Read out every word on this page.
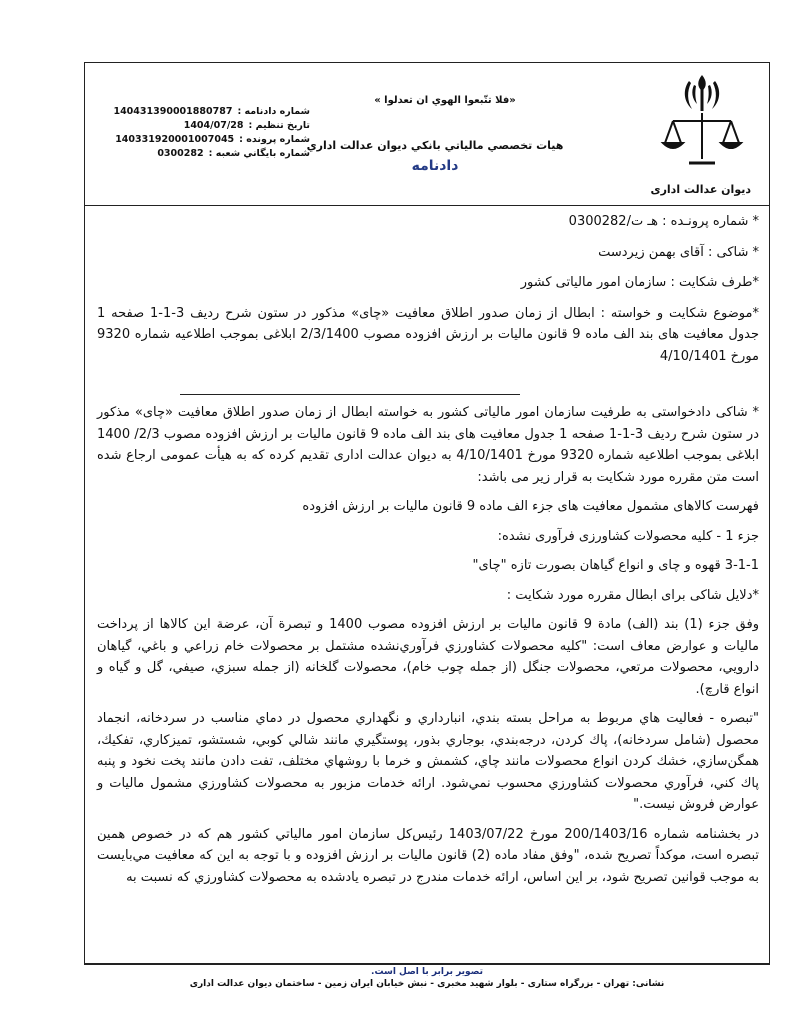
دیوان عدالت اداری
«فلا تتّبعوا الهوي ان تعدلوا »
هيات تخصصي مالياتي بانكي ديوان عدالت اداري
دادنامه
شماره دادنامه :
140431390001880787
تاريخ تنظيم :
1404/07/28
شماره پرونده :
140331920001007045
شماره بايگاني شعبه :
0300282

* شماره پرونـده : هـ ت/0300282

* شاکی : آقای بهمن زیردست

*طرف شکایت : سازمان امور مالیاتی کشور

*موضوع شکایت و خواسته : ابطال از زمان صدور اطلاق معافیت «چای» مذکور در ستون شرح ردیف 3-1-1 صفحه 1 جدول معافیت های بند الف ماده 9 قانون مالیات بر ارزش افزوده مصوب 2/3/1400 ابلاغی بموجب اطلاعیه شماره 9320 مورخ 4/10/1401

* شاکی دادخواستی به طرفیت سازمان امور مالیاتی کشور به خواسته ابطال از زمان صدور اطلاق معافیت «چای» مذکور در ستون شرح ردیف 3-1-1 صفحه 1 جدول معافیت های بند الف ماده 9 قانون مالیات بر ارزش افزوده مصوب 2/3/ 1400 ابلاغی بموجب اطلاعیه شماره 9320 مورخ 4/10/1401 به دیوان عدالت اداری تقدیم کرده که به هیأت عمومی ارجاع شده است متن مقرره مورد شکایت به قرار زیر می باشد:

فهرست کالاهای مشمول معافیت های جزء الف ماده 9 قانون مالیات بر ارزش افزوده

جزء 1 - کلیه محصولات کشاورزی فرآوری نشده:

3-1-1 قهوه و چای و انواع گیاهان بصورت تازه "چای"

*دلایل شاکی برای ابطال مقرره مورد شکایت :

وفق جزء (1) بند (الف) مادة 9 قانون ماليات بر ارزش افزوده مصوب 1400 و تبصرة آن، عرضة اين كالاها از پرداخت ماليات و عوارض معاف است: "كليه محصولات كشاورزي فرآوري‌نشده مشتمل بر محصولات خام زراعي و باغي، گياهان دارويي، محصولات مرتعي، محصولات جنگل (از جمله چوب خام)، محصولات گلخانه (از جمله سبزي، صيفي، گل و گياه و انواع قارچ).

"تبصره - فعاليت هاي مربوط به مراحل بسته بندي، انبارداري و نگهداري محصول در دماي مناسب در سردخانه، انجماد محصول (شامل سردخانه)، پاك كردن، درجه‌بندي، بوجاري بذور، پوستگيري مانند شالي كوبي، شستشو، تميزكاري، تفكيك، همگن‌سازي، خشك كردن انواع محصولات مانند چاي، كشمش و خرما با روشهاي مختلف، تفت دادن مانند پخت نخود و پنبه پاك كني، فرآوري محصولات كشاورزي محسوب نمي‌شود. ارائه خدمات مزبور به محصولات كشاورزي مشمول ماليات و عوارض فروش نيست."

در بخشنامه شماره 200/1403/16 مورخ 1403/07/22 رئيس‌كل سازمان امور مالياتي كشور هم كه در خصوص همين تبصره است، موكداً تصريح شده، "وفق مفاد ماده (2) قانون ماليات بر ارزش افزوده و با توجه به اين كه معافيت مي‌بايست به موجب قوانين تصريح شود، بر اين اساس، ارائه خدمات مندرج در تبصره يادشده به محصولات كشاورزي كه نسبت به

تصویر برابر با اصل است.
نشانی: تهران - بزرگراه ستاری - بلوار شهید مخبری - نبش خیابان ایران زمین - ساختمان دیوان عدالت اداری
